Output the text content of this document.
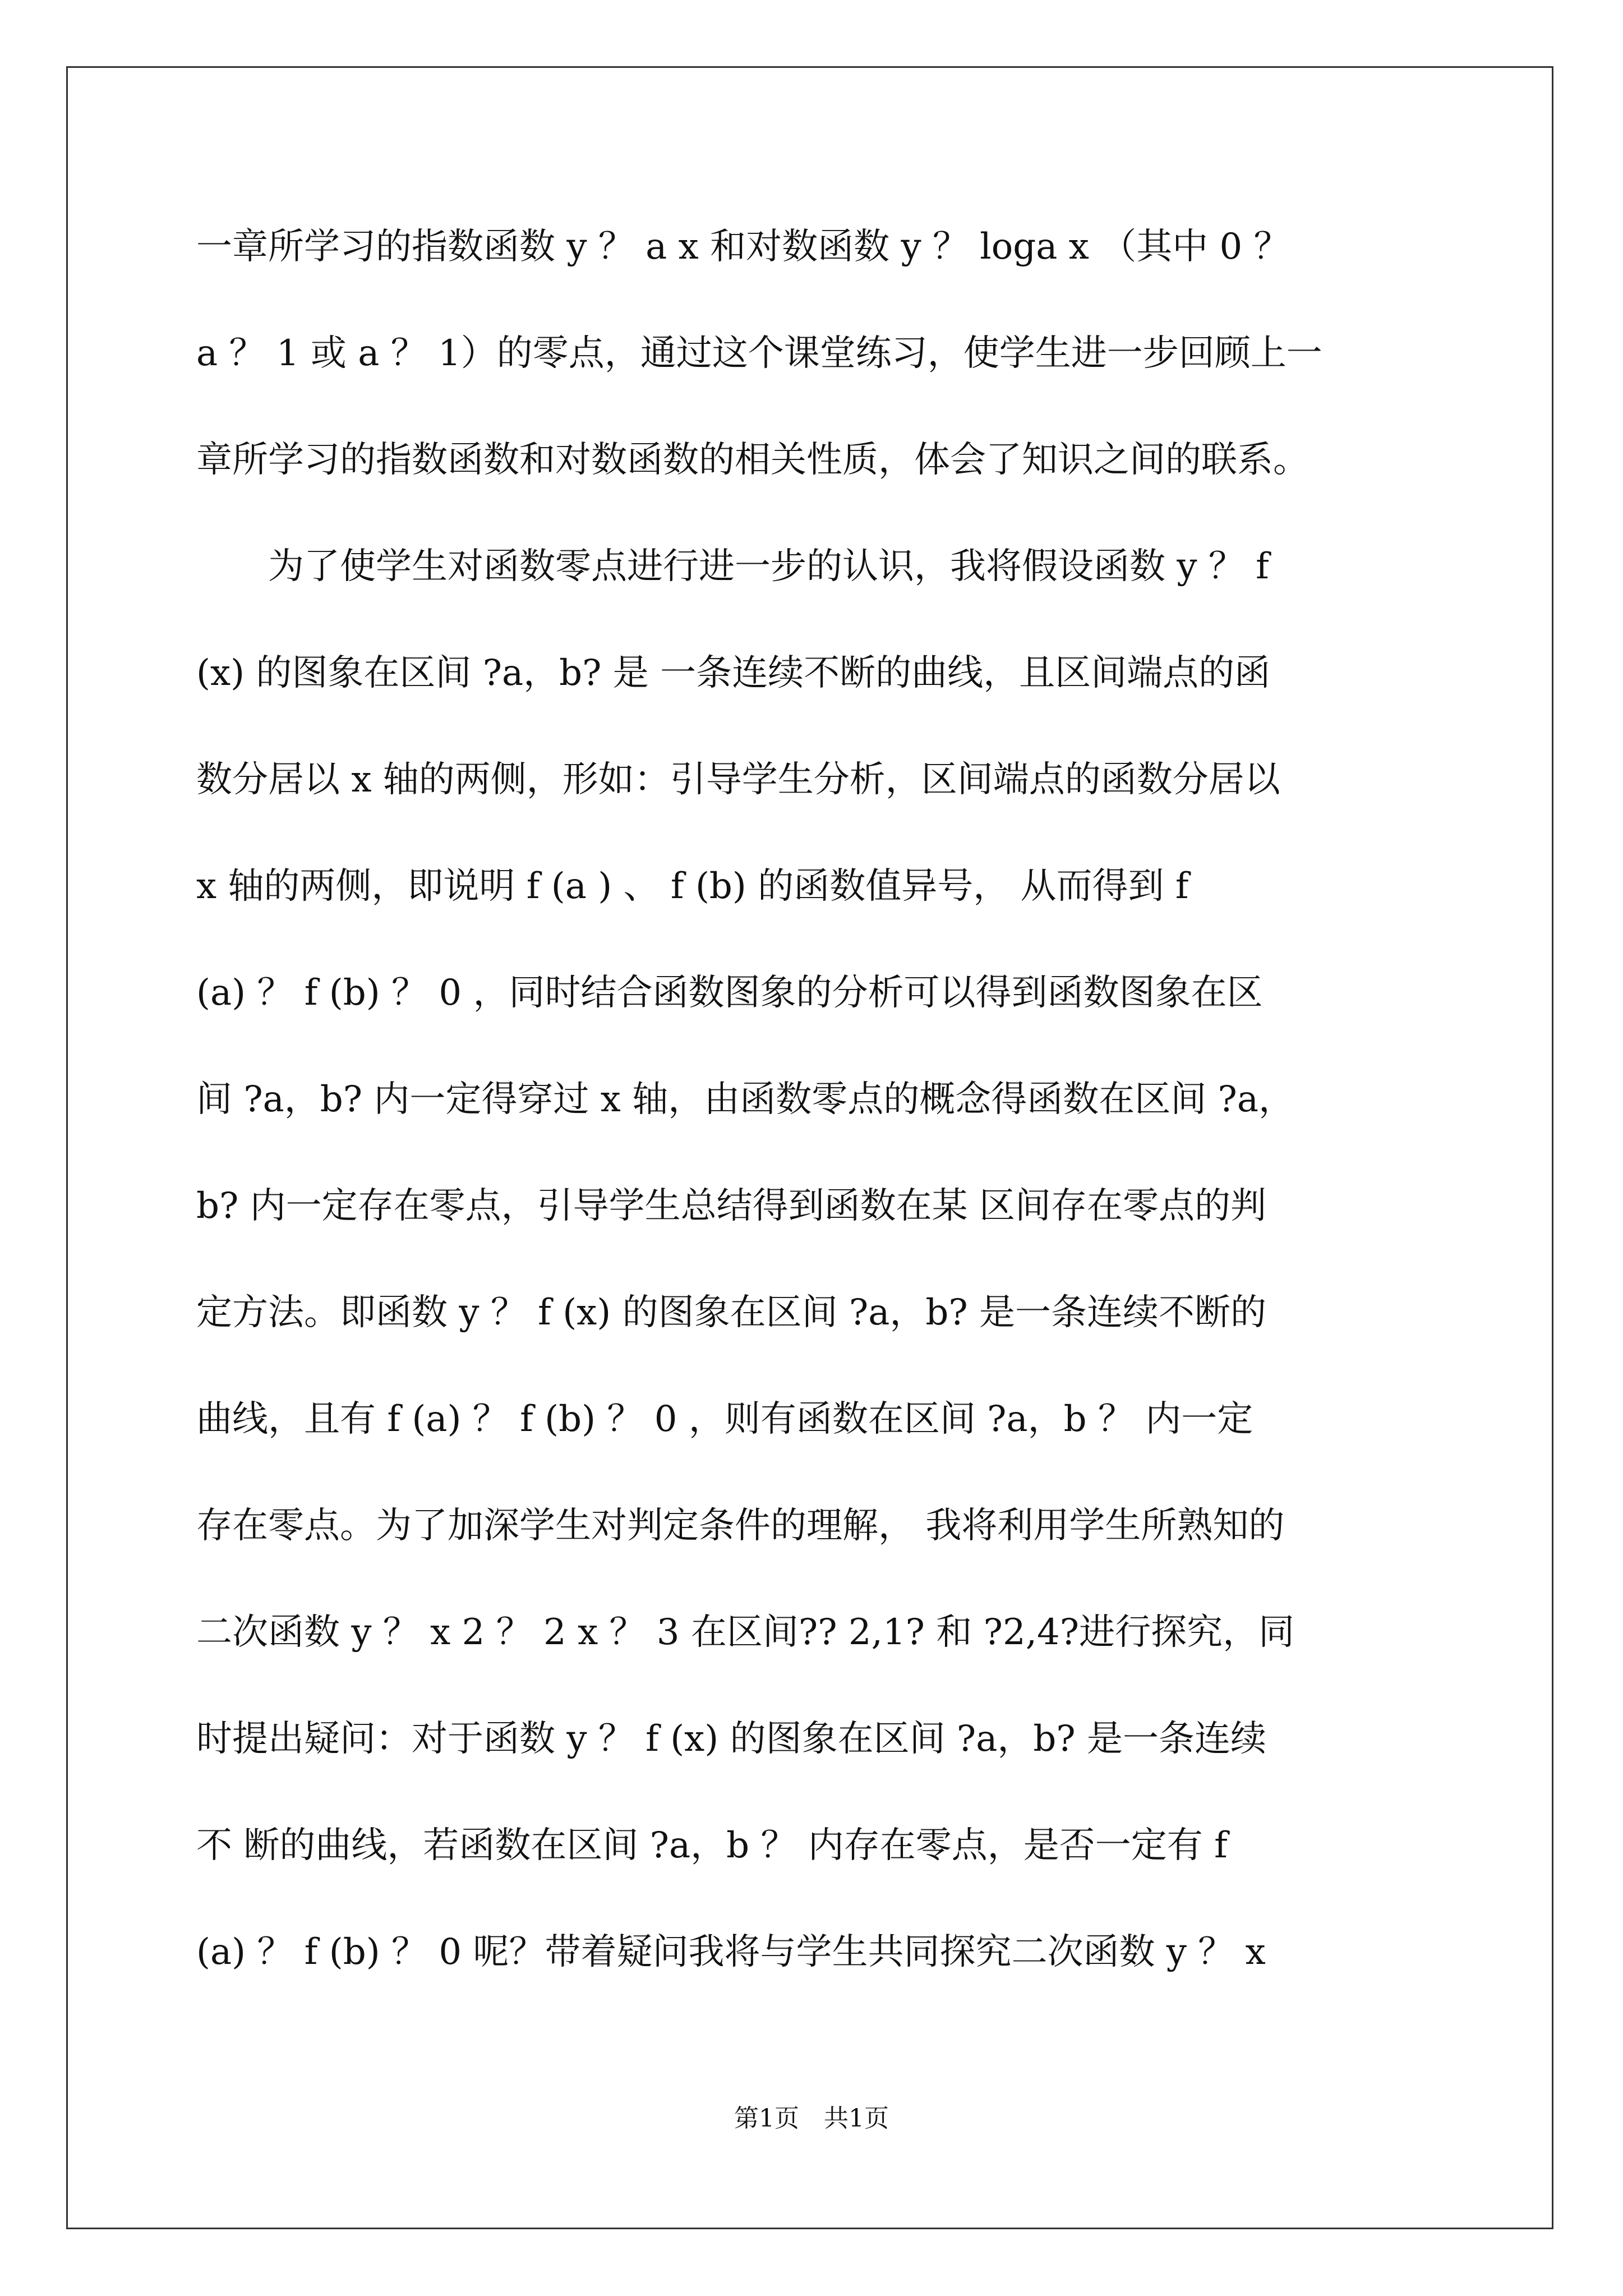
一章所学习的指数函数 y ？ a x 和对数函数 y ？ loga x （其中 0 ？
a ？ 1 或 a ？ 1）的零点，通过这个课堂练习，使学生进一步回顾上一
章所学习的指数函数和对数函数的相关性质，体会了知识之间的联系。
　　为了使学生对函数零点进行进一步的认识，我将假设函数 y ？ f
(x) 的图象在区间 ?a，b? 是 一条连续不断的曲线，且区间端点的函
数分居以 x 轴的两侧，形如：引导学生分析，区间端点的函数分居以
x 轴的两侧，即说明 f (a ) 、 f (b) 的函数值异号， 从而得到 f
(a) ？ f (b) ？ 0 ，同时结合函数图象的分析可以得到函数图象在区
间 ?a，b? 内一定得穿过 x 轴，由函数零点的概念得函数在区间 ?a，
b? 内一定存在零点，引导学生总结得到函数在某 区间存在零点的判
定方法。即函数 y ？ f (x) 的图象在区间 ?a，b? 是一条连续不断的
曲线，且有 f (a) ？ f (b) ？ 0 ，则有函数在区间 ?a，b ？ 内一定
存在零点。为了加深学生对判定条件的理解， 我将利用学生所熟知的
二次函数 y ？ x 2 ？ 2 x ？ 3 在区间?? 2,1? 和 ?2,4?进行探究，同
时提出疑问：对于函数 y ？ f (x) 的图象在区间 ?a，b? 是一条连续
不 断的曲线，若函数在区间 ?a，b ？ 内存在零点，是否一定有 f
(a) ？ f (b) ？ 0 呢？带着疑问我将与学生共同探究二次函数 y ？ x
第1页　共1页
